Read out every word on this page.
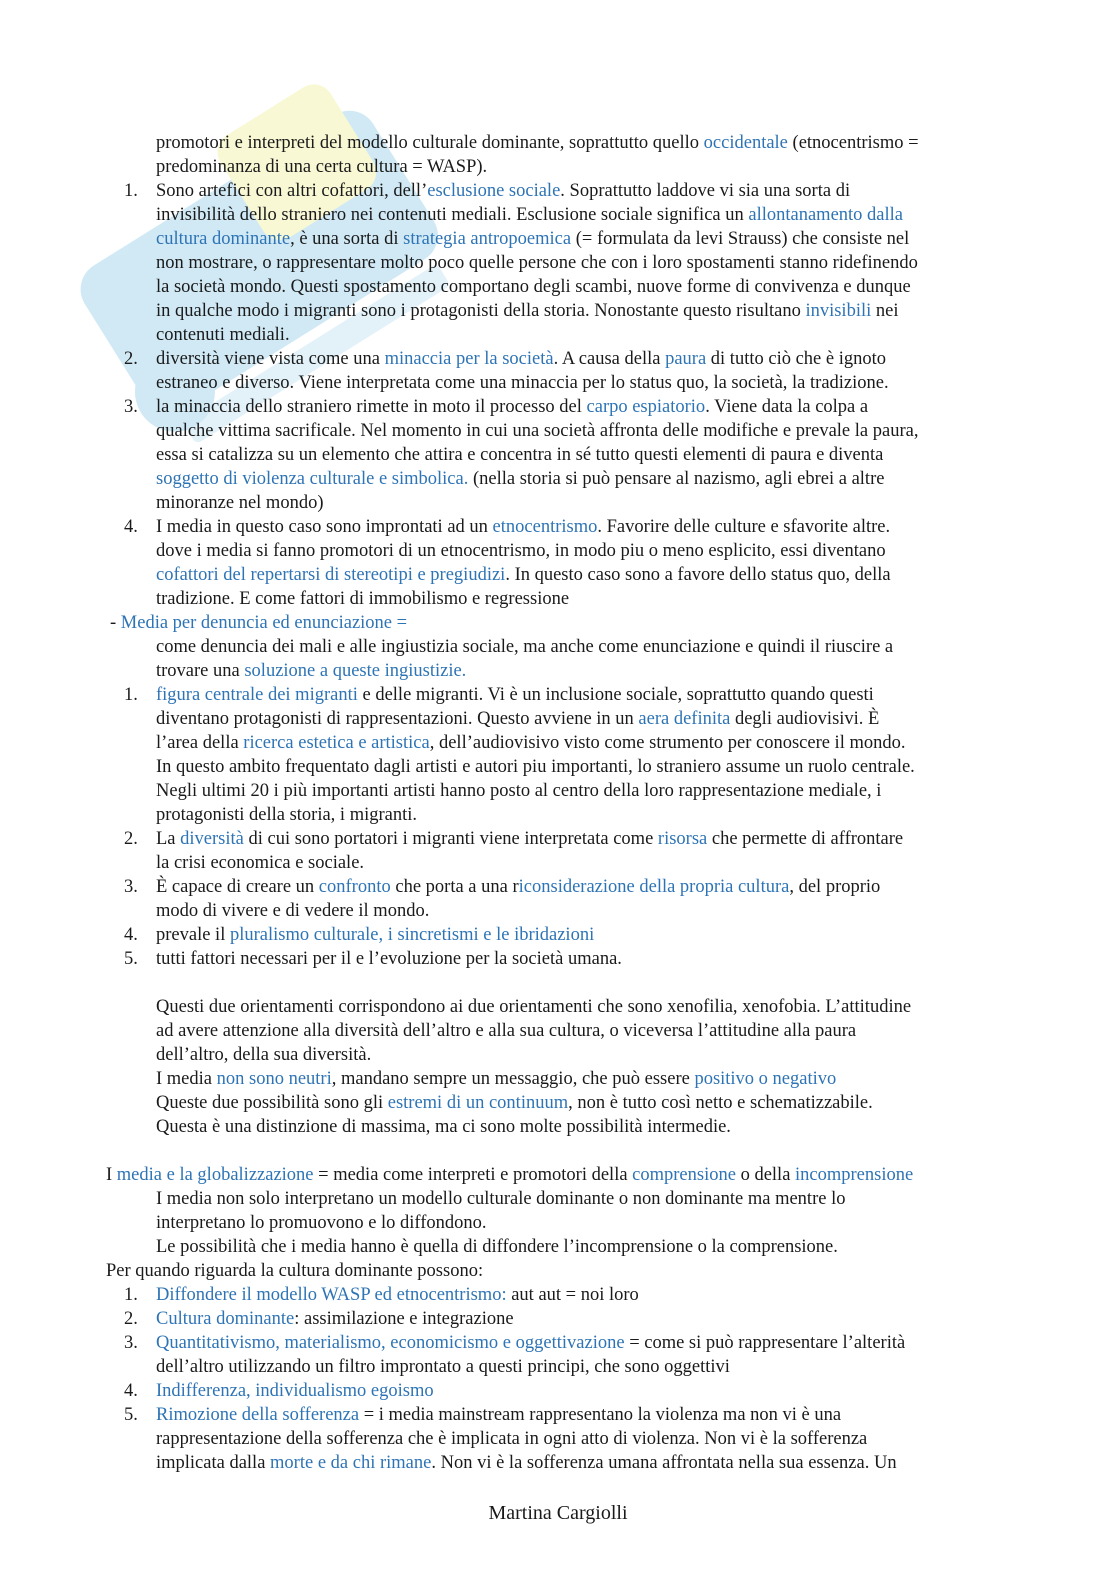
promotori e interpreti del modello culturale dominante, soprattutto quello occidentale (etnocentrismo =

predominanza di una certa cultura = WASP).

Sono artefici con altri cofattori, dell’esclusione sociale. Soprattutto laddove vi sia una sorta di

invisibilità dello straniero nei contenuti mediali. Esclusione sociale significa un allontanamento dalla

cultura dominante, è una sorta di strategia antropoemica (= formulata da levi Strauss) che consiste nel

non mostrare, o rappresentare molto poco quelle persone che con i loro spostamenti stanno ridefinendo

la società mondo. Questi spostamento comportano degli scambi, nuove forme di convivenza e dunque

in qualche modo i migranti sono i protagonisti della storia. Nonostante questo risultano invisibili nei

contenuti mediali.

diversità viene vista come una minaccia per la società. A causa della paura di tutto ciò che è ignoto

estraneo e diverso. Viene interpretata come una minaccia per lo status quo, la società, la tradizione.

la minaccia dello straniero rimette in moto il processo del carpo espiatorio. Viene data la colpa a

qualche vittima sacrificale. Nel momento in cui una società affronta delle modifiche e prevale la paura,

essa si catalizza su un elemento che attira e concentra in sé tutto questi elementi di paura e diventa

soggetto di violenza culturale e simbolica. (nella storia si può pensare al nazismo, agli ebrei a altre

minoranze nel mondo)

I media in questo caso sono improntati ad un etnocentrismo. Favorire delle culture e sfavorite altre.

dove i media si fanno promotori di un etnocentrismo, in modo piu o meno esplicito, essi diventano

cofattori del repertarsi di stereotipi e pregiudizi. In questo caso sono a favore dello status quo, della

tradizione. E come fattori di immobilismo e regressione

- Media per denuncia ed enunciazione =

come denuncia dei mali e alle ingiustizia sociale, ma anche come enunciazione e quindi il riuscire a

trovare una soluzione a queste ingiustizie.

figura centrale dei migranti e delle migranti. Vi è un inclusione sociale, soprattutto quando questi

diventano protagonisti di rappresentazioni. Questo avviene in un aera definita degli audiovisivi. È

l’area della ricerca estetica e artistica, dell’audiovisivo visto come strumento per conoscere il mondo.

In questo ambito frequentato dagli artisti e autori piu importanti, lo straniero assume un ruolo centrale.

Negli ultimi 20 i più importanti artisti hanno posto al centro della loro rappresentazione mediale, i

protagonisti della storia, i migranti.

La diversità di cui sono portatori i migranti viene interpretata come risorsa che permette di affrontare

la crisi economica e sociale.

È capace di creare un confronto che porta a una riconsiderazione della propria cultura, del proprio

modo di vivere e di vedere il mondo.

prevale il pluralismo culturale, i sincretismi e le ibridazioni

tutti fattori necessari per il e l’evoluzione per la società umana.

Questi due orientamenti corrispondono ai due orientamenti che sono xenofilia, xenofobia. L’attitudine

ad avere attenzione alla diversità dell’altro e alla sua cultura, o viceversa l’attitudine alla paura

dell’altro, della sua diversità.

I media non sono neutri, mandano sempre un messaggio, che può essere positivo o negativo

Queste due possibilità sono gli estremi di un continuum, non è tutto così netto e schematizzabile.

Questa è una distinzione di massima, ma ci sono molte possibilità intermedie.

I media e la globalizzazione = media come interpreti e promotori della comprensione o della incomprensione

I media non solo interpretano un modello culturale dominante o non dominante ma mentre lo

interpretano lo promuovono e lo diffondono.

Le possibilità che i media hanno è quella di diffondere l’incomprensione o la comprensione.

Per quando riguarda la cultura dominante possono:

Diffondere il modello WASP ed etnocentrismo: aut aut = noi loro

Cultura dominante: assimilazione e integrazione

Quantitativismo, materialismo, economicismo e oggettivazione = come si può rappresentare l’alterità

dell’altro utilizzando un filtro improntato a questi principi, che sono oggettivi

Indifferenza, individualismo egoismo

Rimozione della sofferenza = i media mainstream rappresentano la violenza ma non vi è una

rappresentazione della sofferenza che è implicata in ogni atto di violenza. Non vi è la sofferenza

implicata dalla morte e da chi rimane. Non vi è la sofferenza umana affrontata nella sua essenza. Un

1.
2.
3.
4.
1.
2.
3.
4.
5.
1.
2.
3.
4.
5.
Martina Cargiolli
